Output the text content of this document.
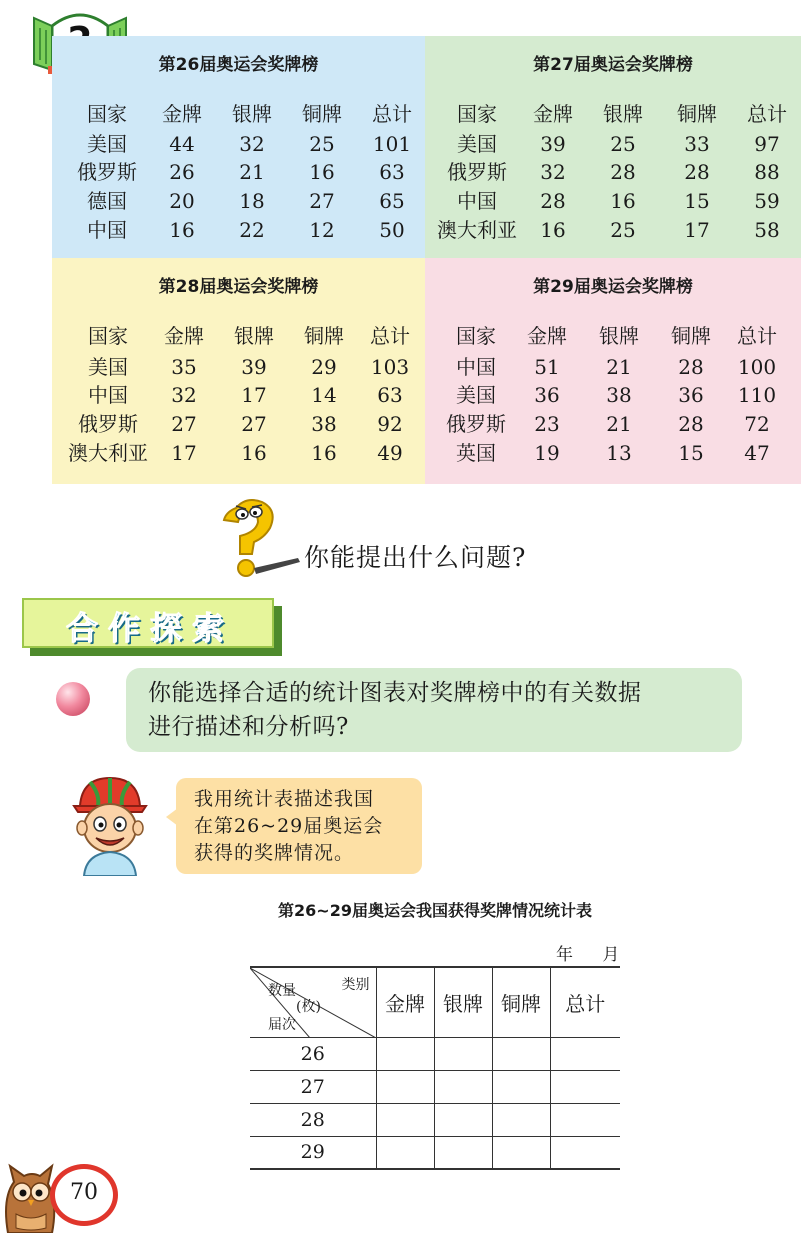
第26届奥运会奖牌榜
国家	金牌	银牌	铜牌	总计
美国	44	32	25	101
俄罗斯	26	21	16	63
德国	20	18	27	65
中国	16	22	12	50
第27届奥运会奖牌榜
国家	金牌	银牌	铜牌	总计
美国	39	25	33	97
俄罗斯	32	28	28	88
中国	28	16	15	59
澳大利亚	16	25	17	58
第28届奥运会奖牌榜
国家	金牌	银牌	铜牌	总计
美国	35	39	29	103
中国	32	17	14	63
俄罗斯	27	27	38	92
澳大利亚	17	16	16	49
第29届奥运会奖牌榜
国家	金牌	银牌	铜牌	总计
中国	51	21	28	100
美国	36	38	36	110
俄罗斯	23	21	28	72
英国	19	13	15	47
你能提出什么问题?
合作探索
你能选择合适的统计图表对奖牌榜中的有关数据
进行描述和分析吗?
我用统计表描述我国
在第26~29届奥运会
获得的奖牌情况。
第26~29届奥运会我国获得奖牌情况统计表
年 月
类别
数量
(枚)
届次	金牌	银牌	铜牌	总计
26				
27				
28				
29				
70
